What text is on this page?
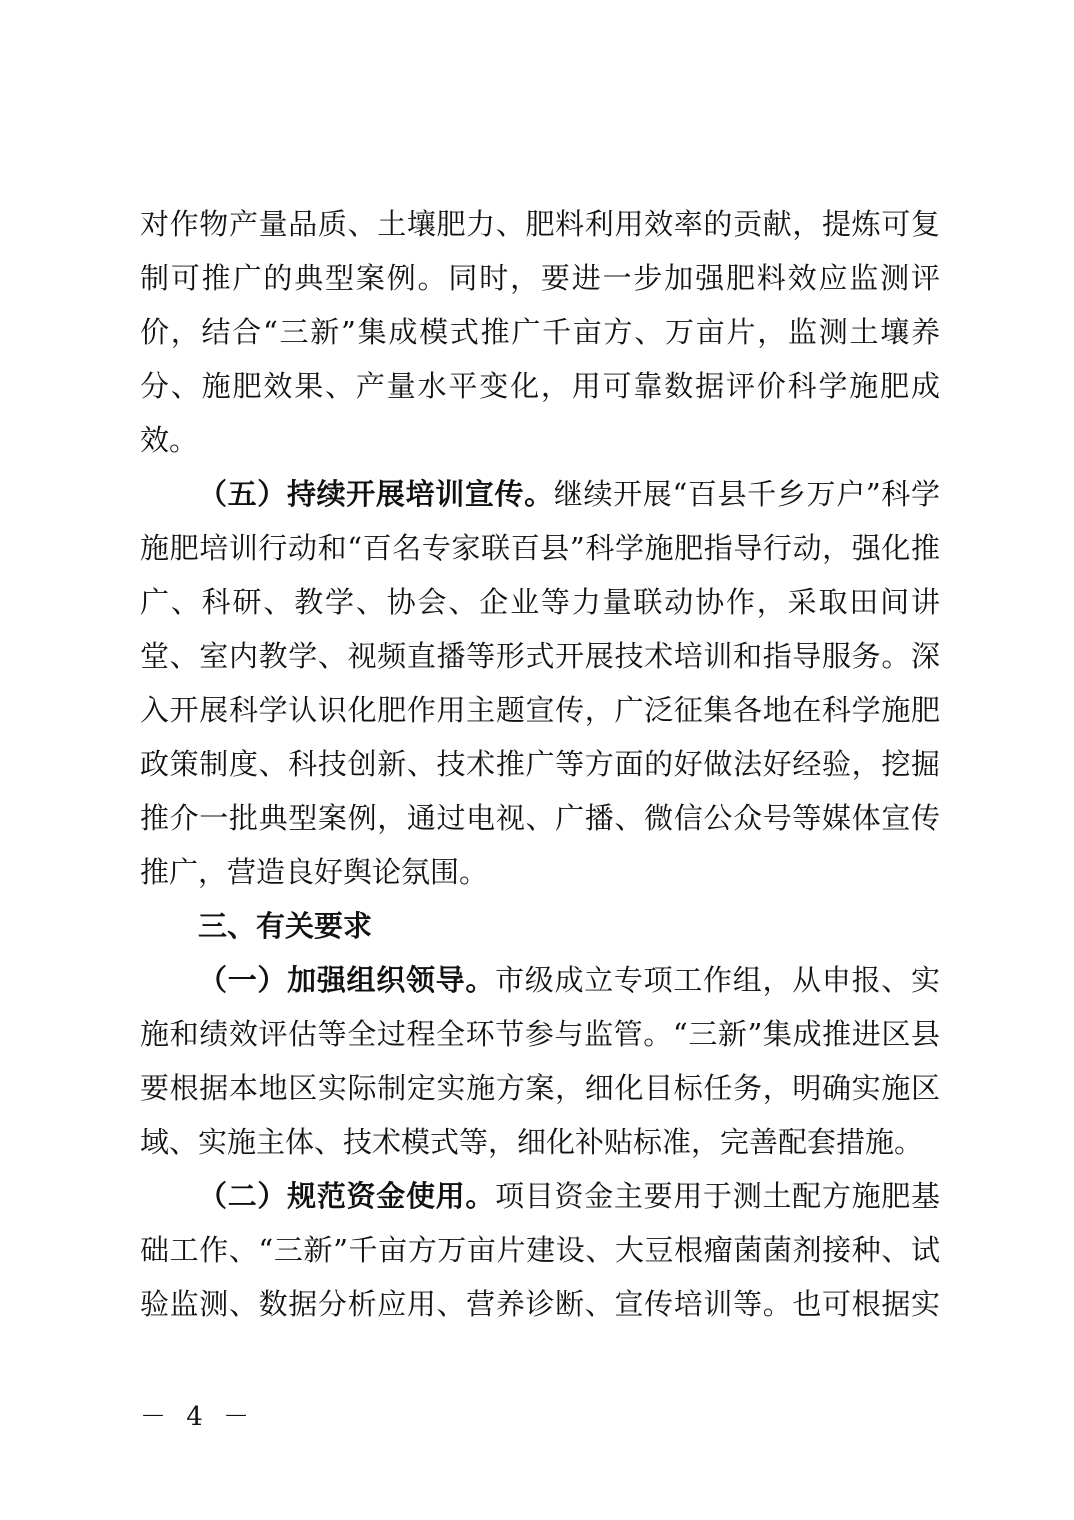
对作物产量品质、土壤肥力、肥料利用效率的贡献，提炼可复
制可推广的典型案例。同时，要进一步加强肥料效应监测评
价，结合“三新”集成模式推广千亩方、万亩片，监测土壤养
分、施肥效果、产量水平变化，用可靠数据评价科学施肥成
效。
（五）持续开展培训宣传。继续开展“百县千乡万户”科学
施肥培训行动和“百名专家联百县”科学施肥指导行动，强化推
广、科研、教学、协会、企业等力量联动协作，采取田间讲
堂、室内教学、视频直播等形式开展技术培训和指导服务。深
入开展科学认识化肥作用主题宣传，广泛征集各地在科学施肥
政策制度、科技创新、技术推广等方面的好做法好经验，挖掘
推介一批典型案例，通过电视、广播、微信公众号等媒体宣传
推广，营造良好舆论氛围。
三、有关要求
（一）加强组织领导。市级成立专项工作组，从申报、实
施和绩效评估等全过程全环节参与监管。“三新”集成推进区县
要根据本地区实际制定实施方案，细化目标任务，明确实施区
域、实施主体、技术模式等，细化补贴标准，完善配套措施。
（二）规范资金使用。项目资金主要用于测土配方施肥基
础工作、“三新”千亩方万亩片建设、大豆根瘤菌菌剂接种、试
验监测、数据分析应用、营养诊断、宣传培训等。也可根据实
－ 4 －
